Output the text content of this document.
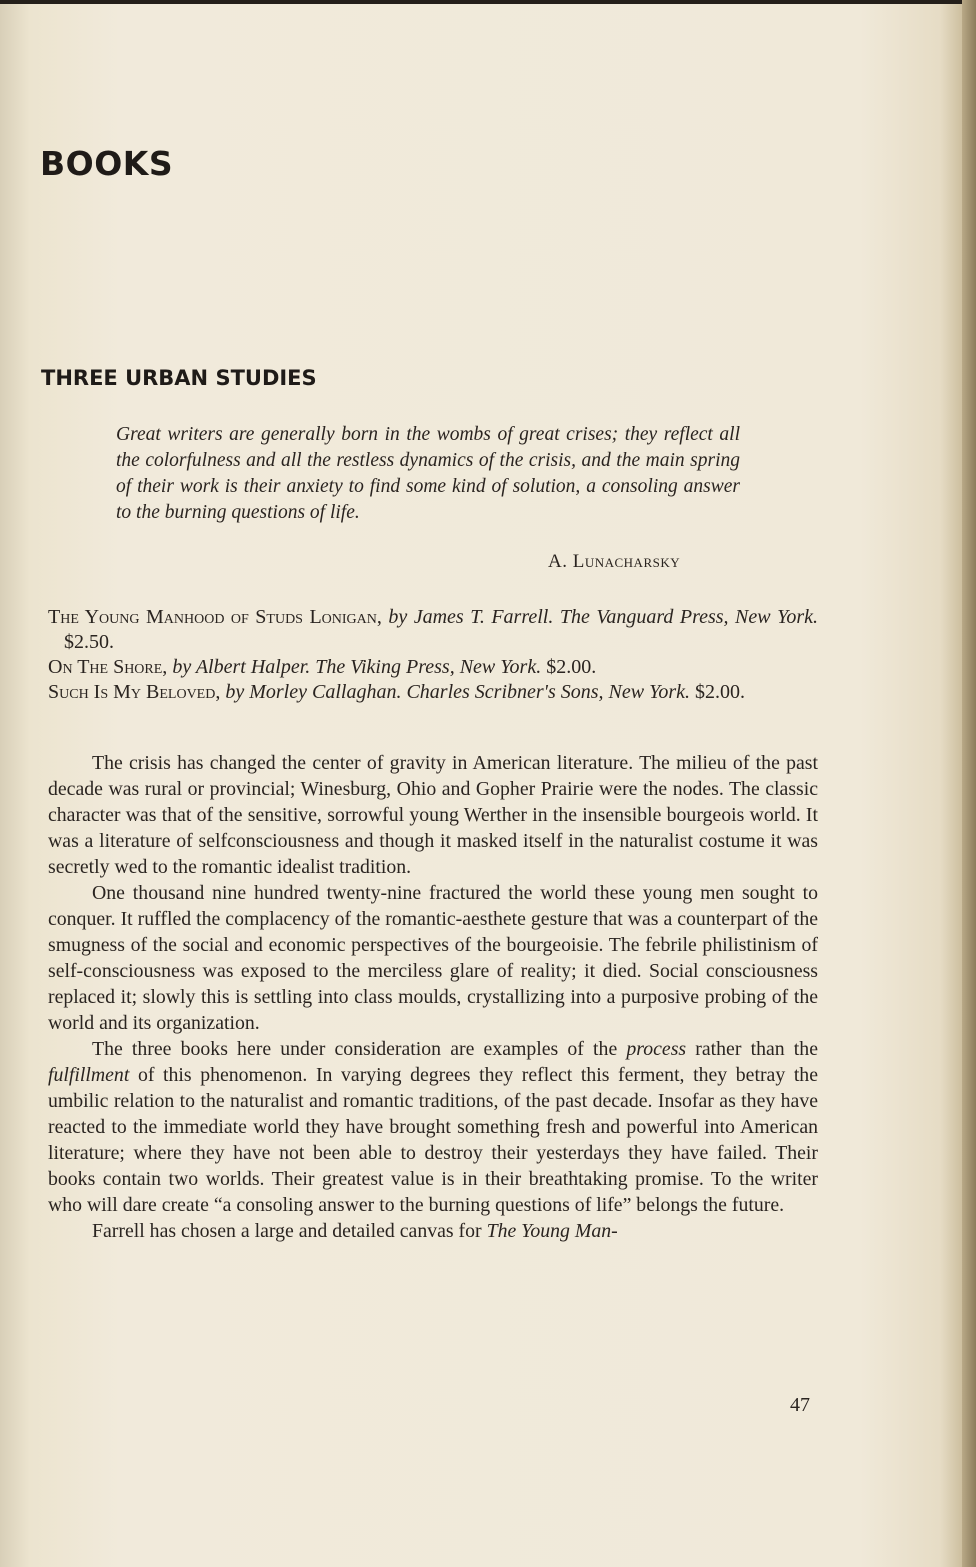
BOOKS
THREE URBAN STUDIES

Great writers are generally born in the wombs of great crises; they reflect all the colorfulness and all the restless dynamics of the crisis, and the main spring of their work is their anxiety to find some kind of solution, a consoling answer to the burning questions of life.

A. Lunacharsky

The Young Manhood of Studs Lonigan, by James T. Farrell. The Vanguard Press, New York. $2.50.

On The Shore, by Albert Halper. The Viking Press, New York. $2.00.

Such Is My Beloved, by Morley Callaghan. Charles Scribner's Sons, New York. $2.00.

The crisis has changed the center of gravity in American literature. The milieu of the past decade was rural or provincial; Winesburg, Ohio and Gopher Prairie were the nodes. The classic character was that of the sensitive, sorrowful young Werther in the insensible bourgeois world. It was a literature of selfconsciousness and though it masked itself in the naturalist costume it was secretly wed to the romantic idealist tradition.

One thousand nine hundred twenty-nine fractured the world these young men sought to conquer. It ruffled the complacency of the romantic-aesthete gesture that was a counterpart of the smugness of the social and economic perspectives of the bourgeoisie. The febrile philistinism of self-consciousness was exposed to the merciless glare of reality; it died. Social consciousness replaced it; slowly this is settling into class moulds, crystallizing into a purposive probing of the world and its organization.

The three books here under consideration are examples of the process rather than the fulfillment of this phenomenon. In varying degrees they reflect this ferment, they betray the umbilic relation to the naturalist and romantic traditions, of the past decade. Insofar as they have reacted to the immediate world they have brought something fresh and powerful into American literature; where they have not been able to destroy their yesterdays they have failed. Their books contain two worlds. Their greatest value is in their breathtaking promise. To the writer who will dare create “a consoling answer to the burning questions of life” belongs the future.

Farrell has chosen a large and detailed canvas for The Young Man-

47
